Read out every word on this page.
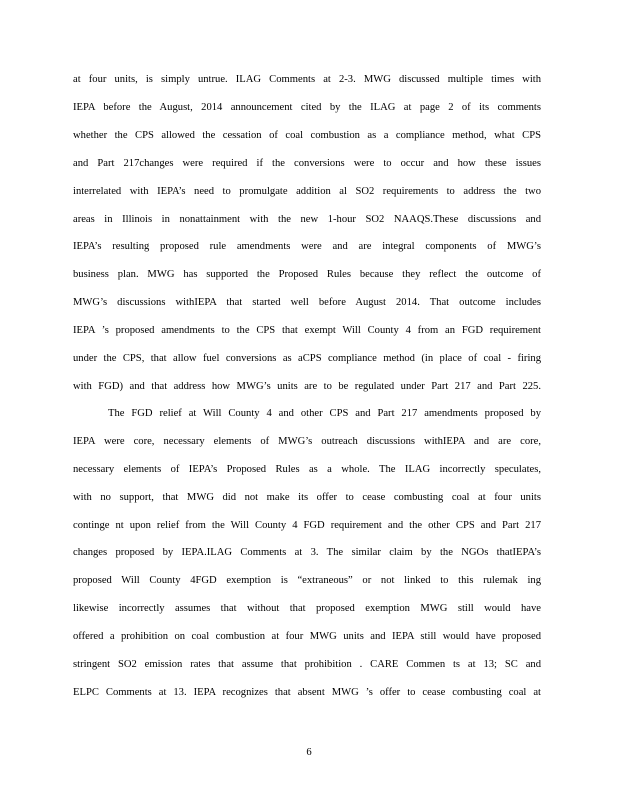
at four units, is simply untrue. ILAG Comments at 2-3. MWG discussed multiple times with
IEPA before the August, 2014 announcement cited by the ILAG at page 2 of its comments
whether the CPS allowed the cessation of coal combustion as a compliance method, what CPS
and Part 217changes were required if the conversions were to occur and how these issues
interrelated with IEPA’s need to promulgate addition al SO2 requirements to address the two
areas in Illinois in nonattainment with the new 1-hour SO2 NAAQS.These discussions and
IEPA’s resulting proposed rule amendments were and are integral components of MWG’s
business plan. MWG has supported the Proposed Rules because they reflect the outcome of
MWG’s discussions withIEPA that started well before August 2014. That outcome includes
IEPA ’s proposed amendments to the CPS that exempt Will County 4 from an FGD requirement
under the CPS, that allow fuel conversions as aCPS compliance method (in place of coal - firing
with FGD) and that address how MWG’s units are to be regulated under Part 217 and Part 225.
The FGD relief at Will County 4 and other CPS and Part 217 amendments proposed by
IEPA were core, necessary elements of MWG’s outreach discussions withIEPA and are core,
necessary elements of IEPA’s Proposed Rules as a whole. The ILAG incorrectly speculates,
with no support, that MWG did not make its offer to cease combusting coal at four units
continge nt upon relief from the Will County 4 FGD requirement and the other CPS and Part 217
changes proposed by IEPA.ILAG Comments at 3. The similar claim by the NGOs thatIEPA’s
proposed Will County 4FGD exemption is “extraneous” or not linked to this rulemak ing
likewise incorrectly assumes that without that proposed exemption MWG still would have
offered a prohibition on coal combustion at four MWG units and IEPA still would have proposed
stringent SO2 emission rates that assume that prohibition . CARE Commen ts at 13; SC and
ELPC Comments at 13. IEPA recognizes that absent MWG ’s offer to cease combusting coal at
6
